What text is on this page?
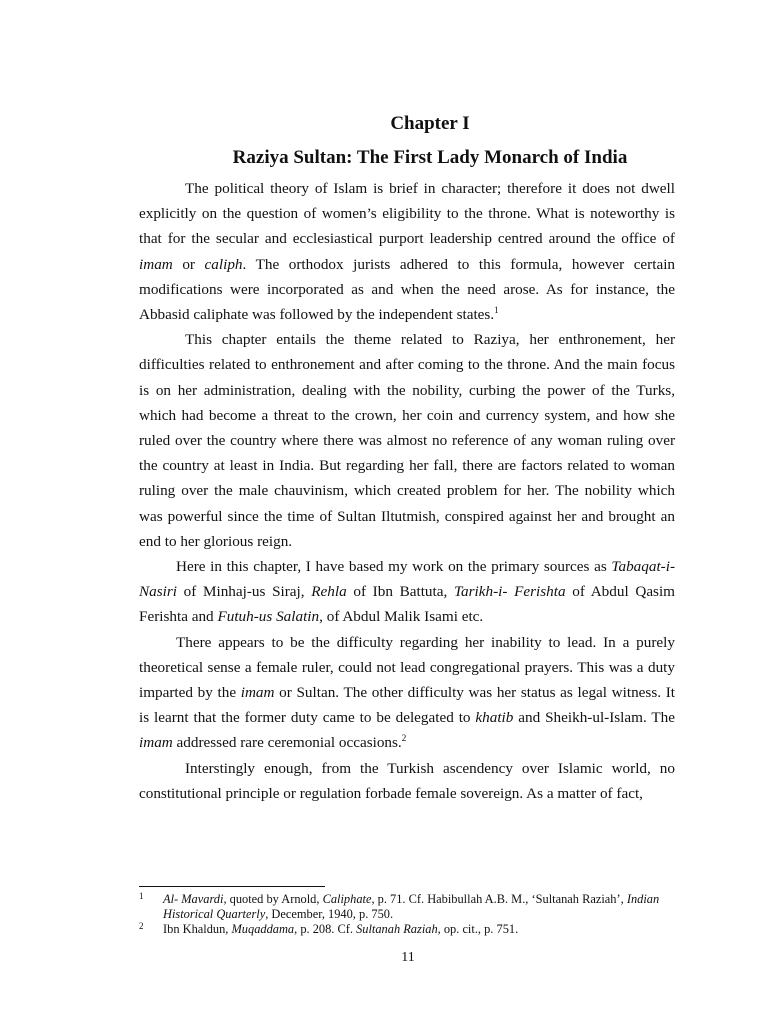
Chapter I
Raziya Sultan: The First Lady Monarch of India

The political theory of Islam is brief in character; therefore it does not dwell explicitly on the question of women’s eligibility to the throne. What is noteworthy is that for the secular and ecclesiastical purport leadership centred around the office of imam or caliph. The orthodox jurists adhered to this formula, however certain modifications were incorporated as and when the need arose. As for instance, the Abbasid caliphate was followed by the independent states.$^1$

This chapter entails the theme related to Raziya, her enthronement, her difficulties related to enthronement and after coming to the throne. And the main focus is on her administration, dealing with the nobility, curbing the power of the Turks, which had become a threat to the crown, her coin and currency system, and how she ruled over the country where there was almost no reference of any woman ruling over the country at least in India. But regarding her fall, there are factors related to woman ruling over the male chauvinism, which created problem for her. The nobility which was powerful since the time of Sultan Iltutmish, conspired against her and brought an end to her glorious reign.

Here in this chapter, I have based my work on the primary sources as Tabaqat-i- Nasiri of Minhaj-us Siraj, Rehla of Ibn Battuta, Tarikh-i- Ferishta of Abdul Qasim Ferishta and Futuh-us Salatin, of Abdul Malik Isami etc.

There appears to be the difficulty regarding her inability to lead. In a purely theoretical sense a female ruler, could not lead congregational prayers. This was a duty imparted by the imam or Sultan. The other difficulty was her status as legal witness. It is learnt that the former duty came to be delegated to khatib and Sheikh-ul-Islam. The imam addressed rare ceremonial occasions.$^2$

Interstingly enough, from the Turkish ascendency over Islamic world, no constitutional principle or regulation forbade female sovereign. As a matter of fact,

1 Al- Mavardi, quoted by Arnold, Caliphate, p. 71. Cf. Habibullah A.B. M., ‘Sultanah Raziah’, Indian Historical Quarterly, December, 1940, p. 750.
2 Ibn Khaldun, Muqaddama, p. 208. Cf. Sultanah Raziah, op. cit., p. 751.
11
